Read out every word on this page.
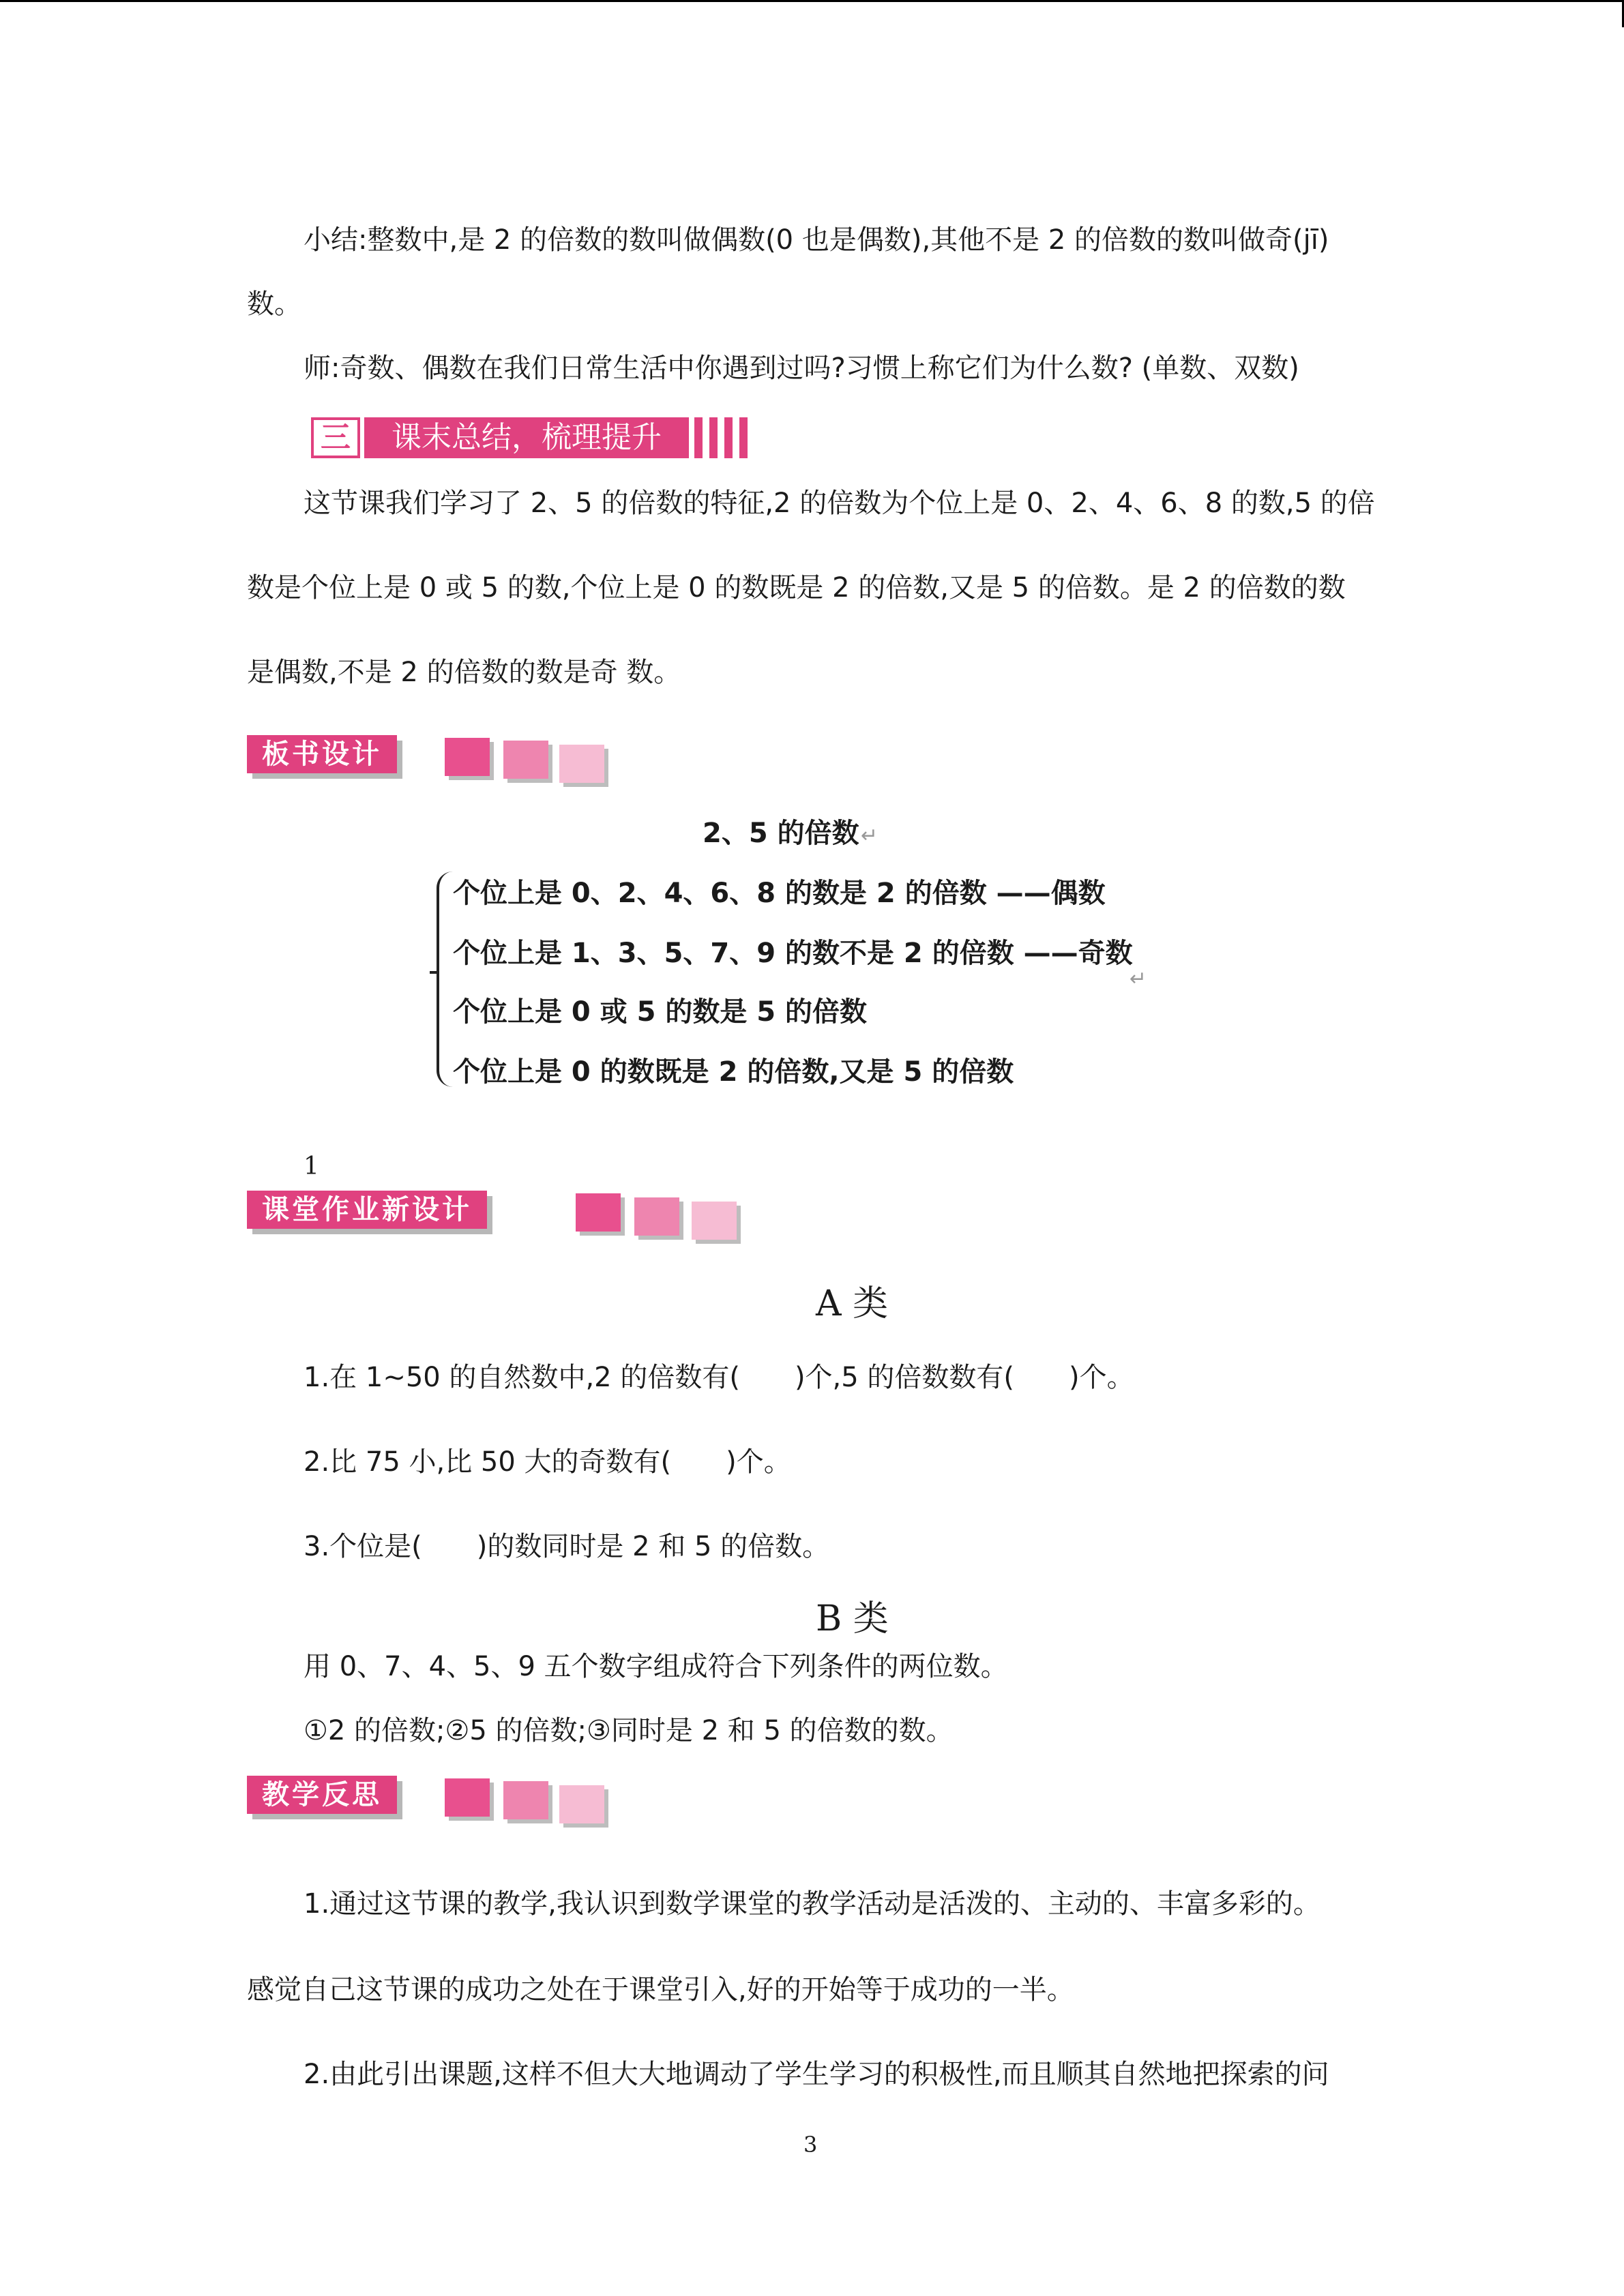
小结:整数中,是 2 的倍数的数叫做偶数(0 也是偶数),其他不是 2 的倍数的数叫做奇(jī)
数。
师:奇数、偶数在我们日常生活中你遇到过吗?习惯上称它们为什么数? (单数、双数)
三	课末总结，梳理提升
这节课我们学习了 2、5 的倍数的特征,2 的倍数为个位上是 0、2、4、6、8 的数,5 的倍
数是个位上是 0 或 5 的数,个位上是 0 的数既是 2 的倍数,又是 5 的倍数。是 2 的倍数的数
是偶数,不是 2 的倍数的数是奇 数。
板书设计
2、5 的倍数 ↵
个位上是 0、2、4、6、8 的数是 2 的倍数 ——偶数
个位上是 1、3、5、7、9 的数不是 2 的倍数 ——奇数
↵
个位上是 0 或 5 的数是 5 的倍数
个位上是 0 的数既是 2 的倍数,又是 5 的倍数
1
课堂作业新设计
A 类
1.在 1~50 的自然数中,2 的倍数有(　　)个,5 的倍数数有(　　)个。
2.比 75 小,比 50 大的奇数有(　　)个。
3.个位是(　　)的数同时是 2 和 5 的倍数。
B 类
用 0、7、4、5、9 五个数字组成符合下列条件的两位数。
①2 的倍数;②5 的倍数;③同时是 2 和 5 的倍数的数。
教学反思
1.通过这节课的教学,我认识到数学课堂的教学活动是活泼的、主动的、丰富多彩的。
感觉自己这节课的成功之处在于课堂引入,好的开始等于成功的一半。
2.由此引出课题,这样不但大大地调动了学生学习的积极性,而且顺其自然地把探索的问
3
